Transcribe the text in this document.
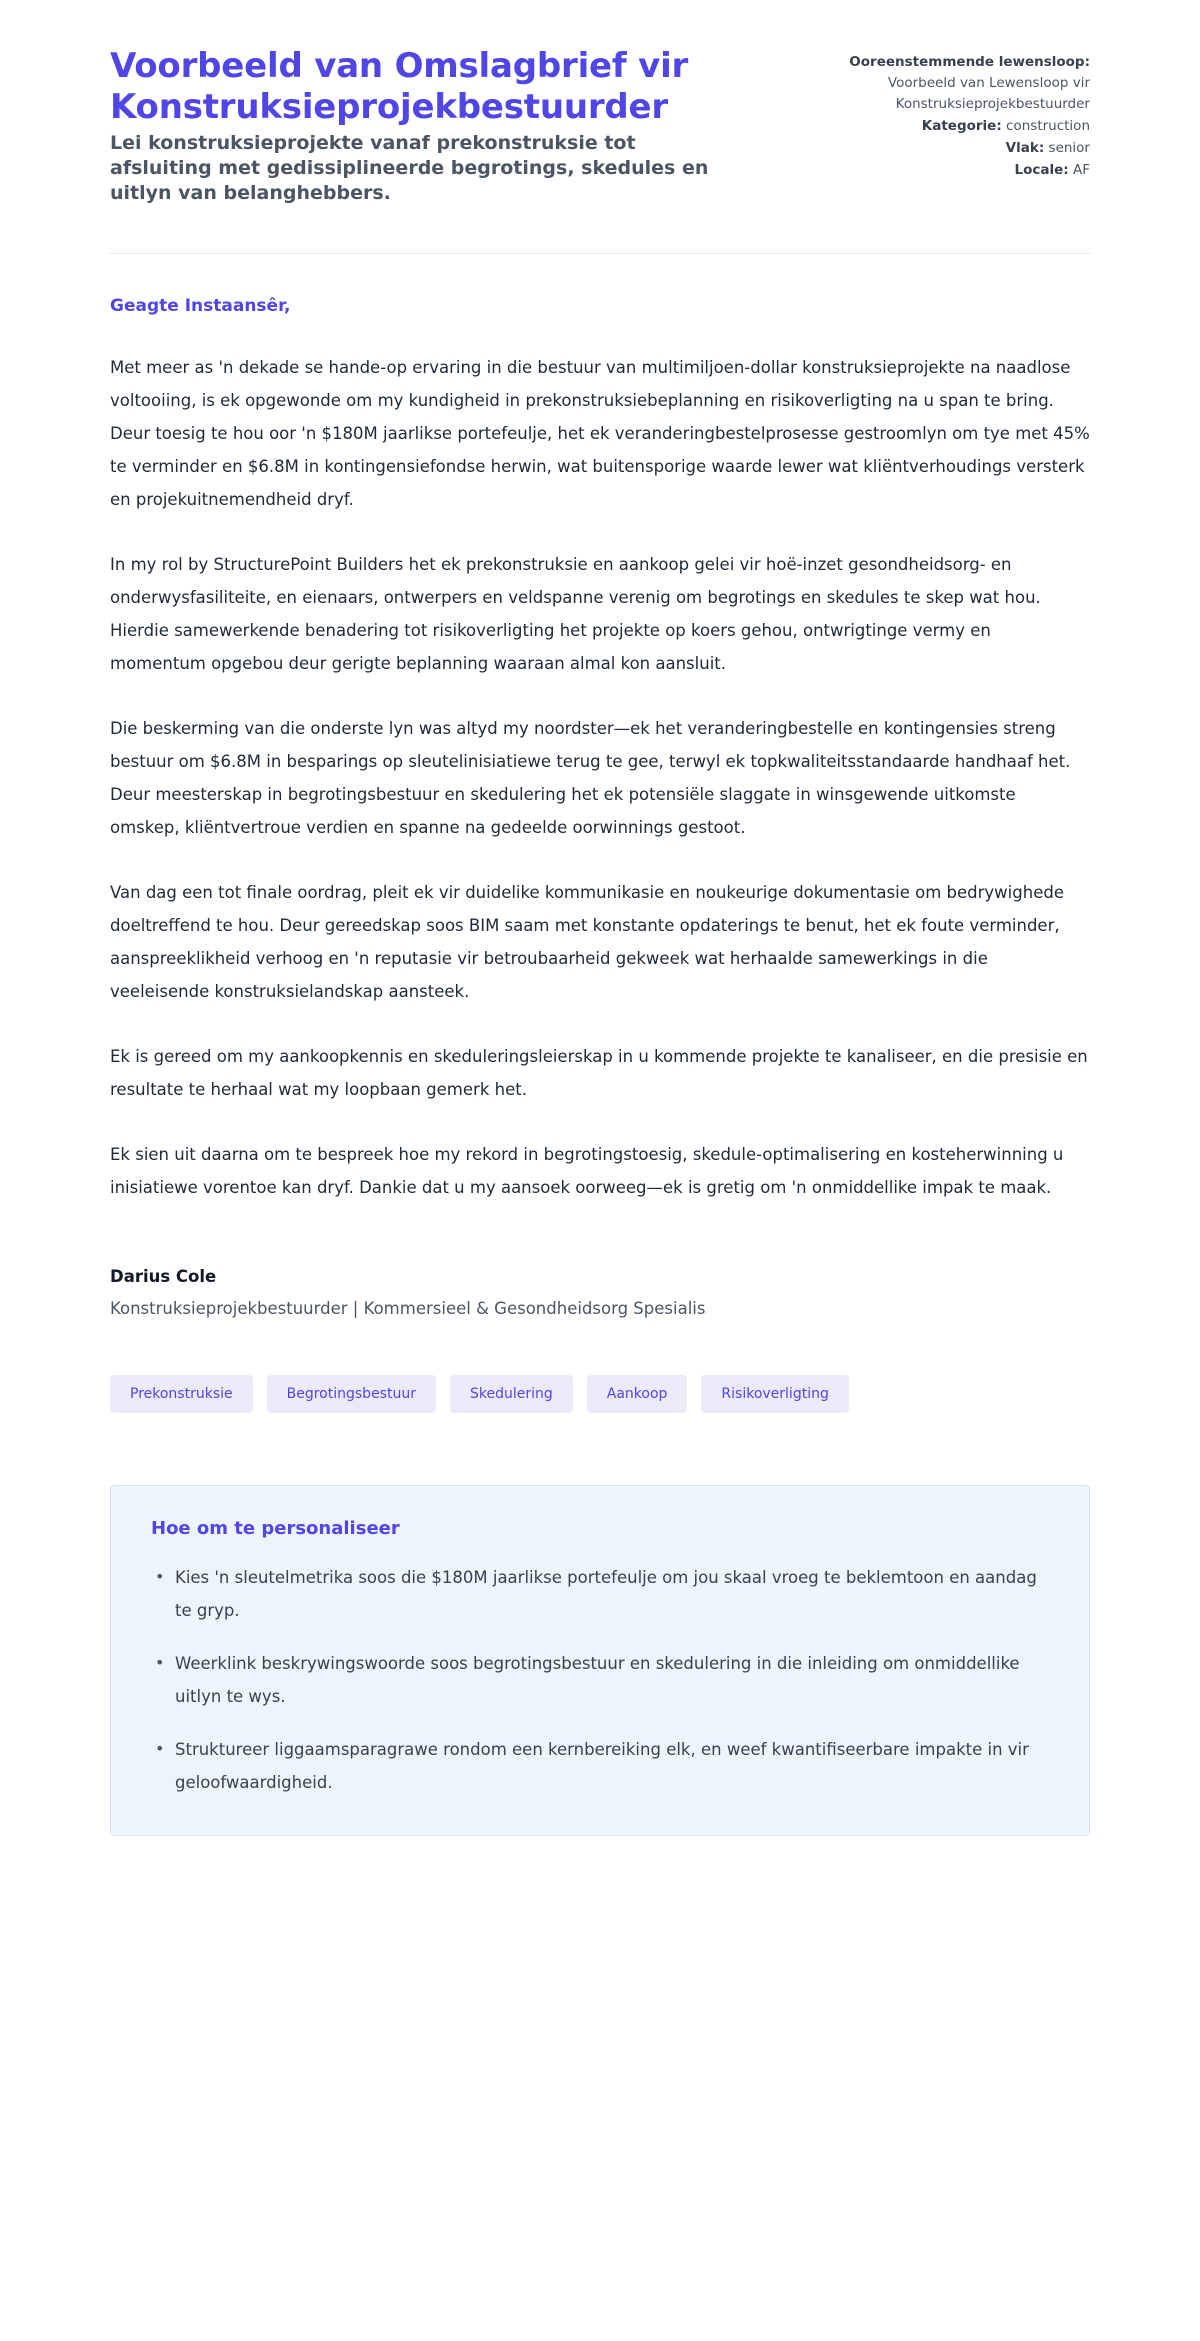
Voorbeeld van Omslagbrief vir Konstruksieprojekbestuurder

Lei konstruksieprojekte vanaf prekonstruksie tot afsluiting met gedissiplineerde begrotings, skedules en uitlyn van belanghebbers.

Ooreenstemmende lewensloop: Voorbeeld van Lewensloop vir Konstruksieprojekbestuurder
Kategorie: construction
Vlak: senior
Locale: AF

Geagte Instaansêr,

Met meer as 'n dekade se hande-op ervaring in die bestuur van multimiljoen-dollar konstruksieprojekte na naadlose voltooiing, is ek opgewonde om my kundigheid in prekonstruksiebeplanning en risikoverligting na u span te bring. Deur toesig te hou oor 'n $180M jaarlikse portefeulje, het ek veranderingbestelprosesse gestroomlyn om tye met 45% te verminder en $6.8M in kontingensiefondse herwin, wat buitensporige waarde lewer wat kliëntverhoudings versterk en projekuitnemendheid dryf.

In my rol by StructurePoint Builders het ek prekonstruksie en aankoop gelei vir hoë-inzet gesondheidsorg- en onderwysfasiliteite, en eienaars, ontwerpers en veldspanne verenig om begrotings en skedules te skep wat hou. Hierdie samewerkende benadering tot risikoverligting het projekte op koers gehou, ontwrigtinge vermy en momentum opgebou deur gerigte beplanning waaraan almal kon aansluit.

Die beskerming van die onderste lyn was altyd my noordster—ek het veranderingbestelle en kontingensies streng bestuur om $6.8M in besparings op sleutelinisiatiewe terug te gee, terwyl ek topkwaliteitsstandaarde handhaaf het. Deur meesterskap in begrotingsbestuur en skedulering het ek potensiële slaggate in winsgewende uitkomste omskep, kliëntvertroue verdien en spanne na gedeelde oorwinnings gestoot.

Van dag een tot finale oordrag, pleit ek vir duidelike kommunikasie en noukeurige dokumentasie om bedrywighede doeltreffend te hou. Deur gereedskap soos BIM saam met konstante opdaterings te benut, het ek foute verminder, aanspreeklikheid verhoog en 'n reputasie vir betroubaarheid gekweek wat herhaalde samewerkings in die veeleisende konstruksielandskap aansteek.

Ek is gereed om my aankoopkennis en skeduleringsleierskap in u kommende projekte te kanaliseer, en die presisie en resultate te herhaal wat my loopbaan gemerk het.

Ek sien uit daarna om te bespreek hoe my rekord in begrotingstoesig, skedule-optimalisering en kosteherwinning u inisiatiewe vorentoe kan dryf. Dankie dat u my aansoek oorweeg—ek is gretig om 'n onmiddellike impak te maak.

Darius Cole

Konstruksieprojekbestuurder | Kommersieel & Gesondheidsorg Spesialis

Prekonstruksie	Begrotingsbestuur	Skedulering	Aankoop	Risikoverligting
Hoe om te personaliseer
• Kies 'n sleutelmetrika soos die $180M jaarlikse portefeulje om jou skaal vroeg te beklemtoon en aandag te gryp.
• Weerklink beskrywingswoorde soos begrotingsbestuur en skedulering in die inleiding om onmiddellike uitlyn te wys.
• Struktureer liggaamsparagrawe rondom een kernbereiking elk, en weef kwantifiseerbare impakte in vir geloofwaardigheid.
